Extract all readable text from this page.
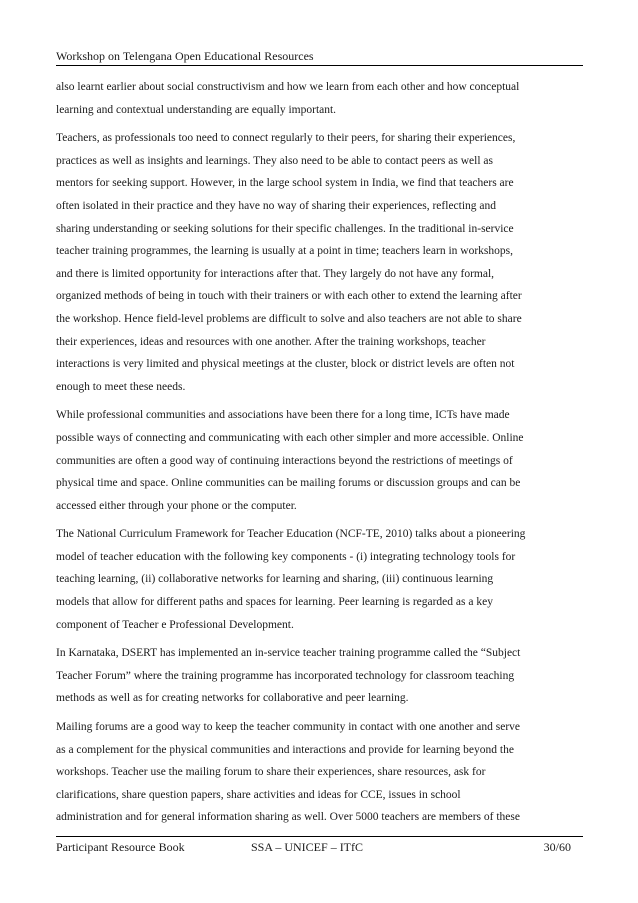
Workshop on Telengana Open Educational Resources

also learnt earlier about social constructivism and how we learn from each other and how conceptual
learning and contextual understanding are equally important.

Teachers, as professionals too need to connect regularly to their peers, for sharing their experiences,
practices as well as insights and learnings. They also need to be able to contact peers as well as
mentors for seeking support. However, in the large school system in India, we find that teachers are
often isolated in their practice and they have no way of sharing their experiences, reflecting and
sharing understanding or seeking solutions for their specific challenges. In the traditional in-service
teacher training programmes, the learning is usually at a point in time; teachers learn in workshops,
and there is limited opportunity for interactions after that. They largely do not have any formal,
organized methods of being in touch with their trainers or with each other to extend the learning after
the workshop. Hence field-level problems are difficult to solve and also teachers are not able to share
their experiences, ideas and resources with one another. After the training workshops, teacher
interactions is very limited and physical meetings at the cluster, block or district levels are often not
enough to meet these needs.

While professional communities and associations have been there for a long time, ICTs have made
possible ways of connecting and communicating with each other simpler and more accessible. Online
communities are often a good way of continuing interactions beyond the restrictions of meetings of
physical time and space. Online communities can be mailing forums or discussion groups and can be
accessed either through your phone or the computer.

The National Curriculum Framework for Teacher Education (NCF-TE, 2010) talks about a pioneering
model of teacher education with the following key components - (i) integrating technology tools for
teaching learning, (ii) collaborative networks for learning and sharing, (iii) continuous learning
models that allow for different paths and spaces for learning. Peer learning is regarded as a key
component of Teacher e Professional Development.

In Karnataka, DSERT has implemented an in-service teacher training programme called the “Subject
Teacher Forum” where the training programme has incorporated technology for classroom teaching
methods as well as for creating networks for collaborative and peer learning.

Mailing forums are a good way to keep the teacher community in contact with one another and serve
as a complement for the physical communities and interactions and provide for learning beyond the
workshops. Teacher use the mailing forum to share their experiences, share resources, ask for
clarifications, share question papers, share activities and ideas for CCE, issues in school
administration and for general information sharing as well. Over 5000 teachers are members of these

Participant Resource Book	SSA – UNICEF – ITfC	30/60
